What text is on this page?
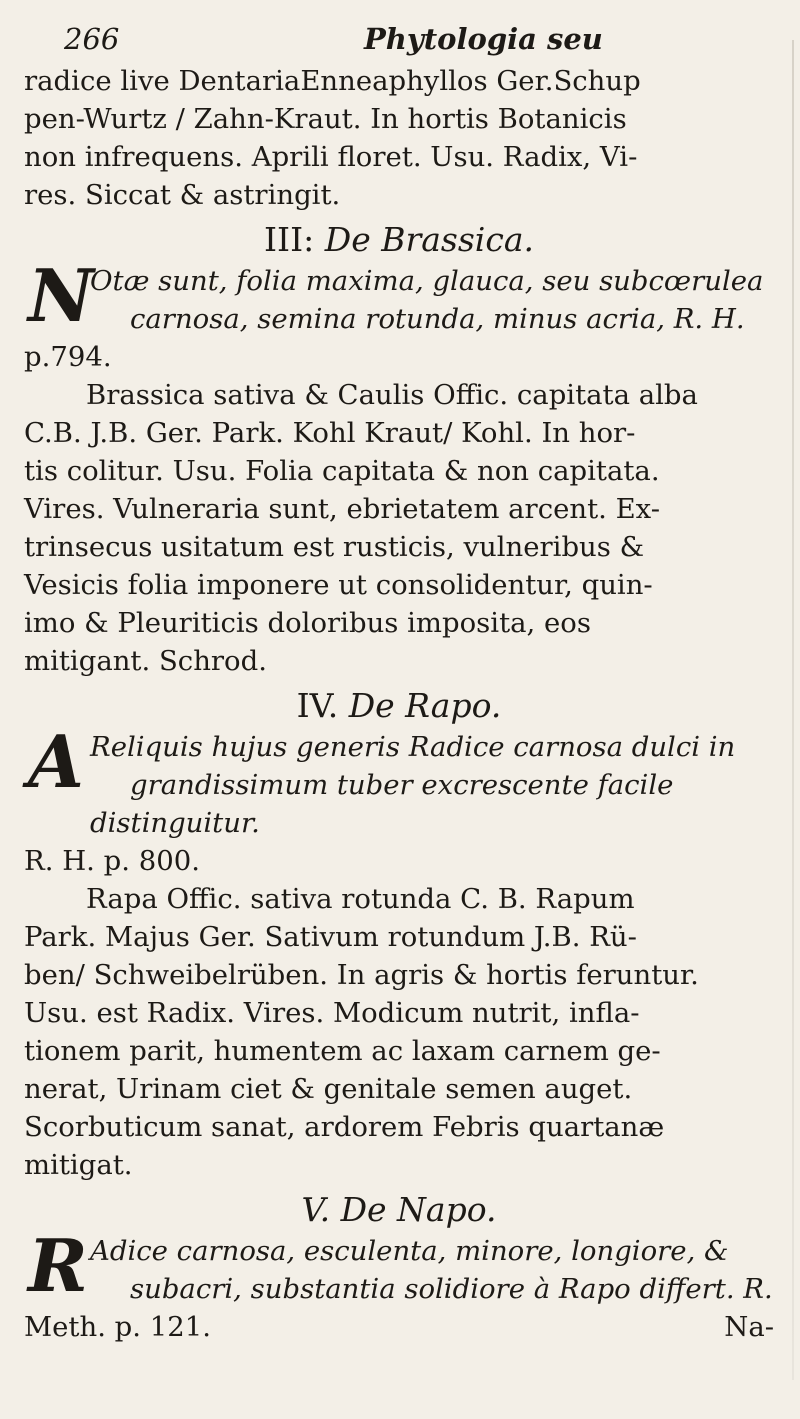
266	Phytologia seu

radice live DentariaEnneaphyllos Ger.Schup
pen-Wurtz / Zahn-Kraut. In hortis Botanicis
non infrequens. Aprili floret. Usu. Radix, Vi-
res. Siccat & astringit.

III: De Brassica.
N
Otæ sunt, folia maxima, glauca, seu subcœrulea
carnosa, semina rotunda, minus acria, R. H.

p.794.

Brassica sativa & Caulis Offic. capitata alba
C.B. J.B. Ger. Park. Kohl Kraut/ Kohl. In hor-
tis colitur. Usu. Folia capitata & non capitata.
Vires. Vulneraria sunt, ebrietatem arcent. Ex-
trinsecus usitatum est rusticis, vulneribus &
Vesicis folia imponere ut consolidentur, quin-
imo & Pleuriticis doloribus imposita, eos
mitigant. Schrod.

IV. De Rapo.
A Reliquis hujus generis Radice carnosa dulci in
grandissimum tuber excrescente facile distinguitur.

R. H. p. 800.

Rapa Offic. sativa rotunda C. B. Rapum
Park. Majus Ger. Sativum rotundum J.B. Rü-
ben/ Schweibelrüben. In agris & hortis feruntur.
Usu. est Radix. Vires. Modicum nutrit, infla-
tionem parit, humentem ac laxam carnem ge-
nerat, Urinam ciet & genitale semen auget.
Scorbuticum sanat, ardorem Febris quartanæ
mitigat.

V. De Napo.
R Adice carnosa, esculenta, minore, longiore, &
subacri, substantia solidiore à Rapo differt. R.

Meth. p. 121.	Na-
